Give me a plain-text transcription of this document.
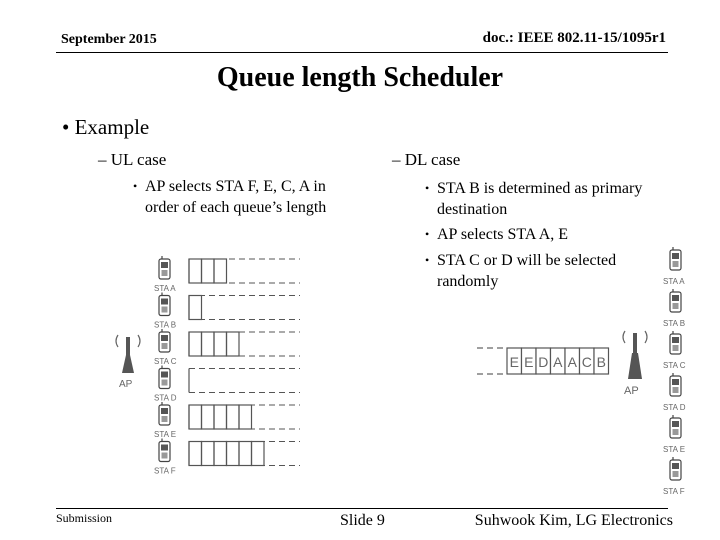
September 2015	doc.: IEEE 802.11-15/1095r1
Queue length Scheduler
• Example
– UL case
• AP selects STA F, E, C, A in order of each queue’s length
– DL case
• STA B is determined as primary destination
• AP selects STA A, E
• STA C or D will be selected randomly
AP
STA A
STA B
STA C
STA D
STA E
STA F
E E D A A C B
AP
STA A
STA B
STA C
STA D
STA E
STA F
Submission	Slide 9	Suhwook Kim, LG Electronics
